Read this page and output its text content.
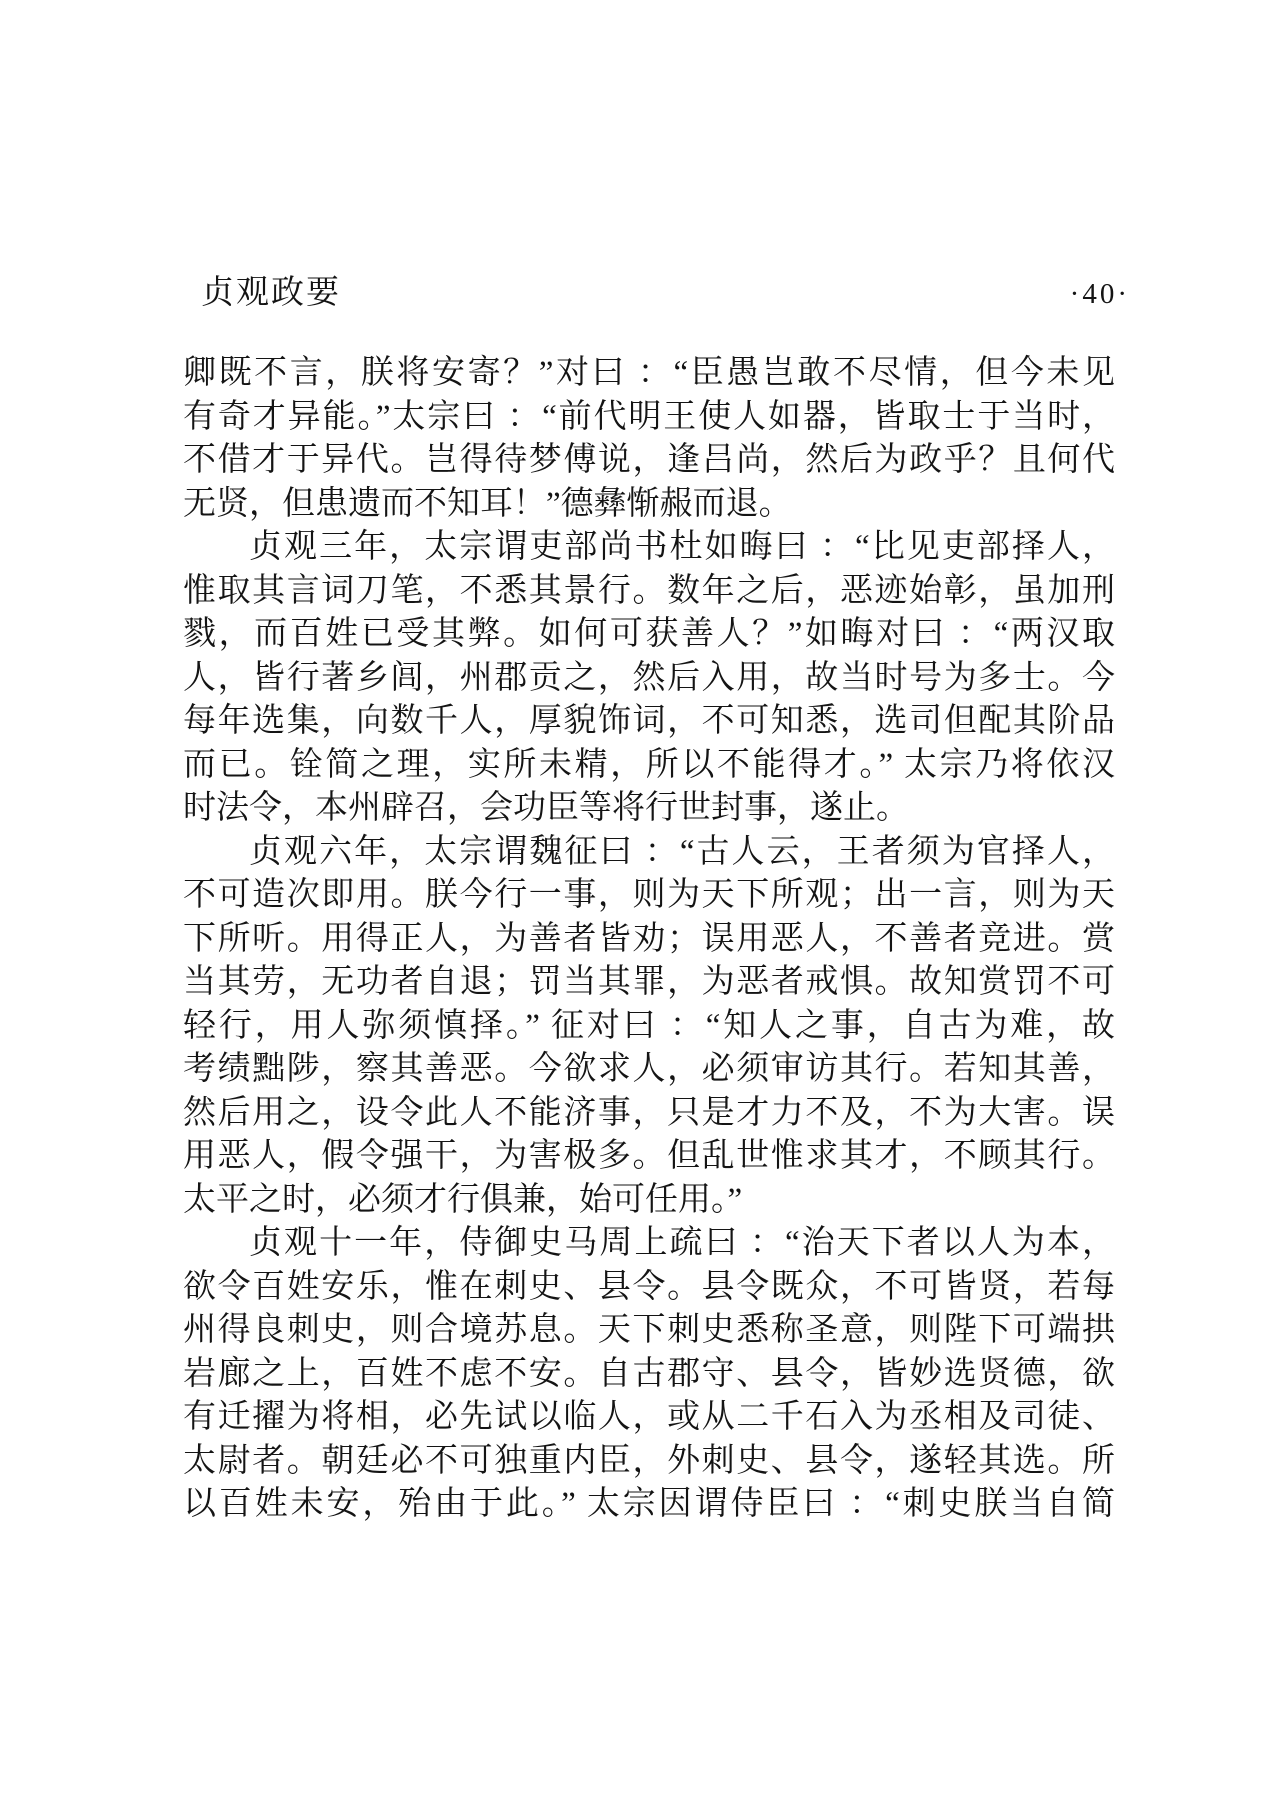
贞观政要	·40·
卿既不言，朕将安寄？”对曰 ：“臣愚岂敢不尽情，但今未见
有奇才异能。”太宗曰 ：“前代明王使人如器，皆取士于当时，
不借才于异代。岂得待梦傅说，逢吕尚，然后为政乎？且何代
无贤，但患遗而不知耳！”德彝惭赧而退。
贞观三年，太宗谓吏部尚书杜如晦曰 ：“比见吏部择人，
惟取其言词刀笔，不悉其景行。数年之后，恶迹始彰，虽加刑
戮，而百姓已受其弊。如何可获善人？”如晦对曰 ：“两汉取
人，皆行著乡闾，州郡贡之，然后入用，故当时号为多士。今
每年选集，向数千人，厚貌饰词，不可知悉，选司但配其阶品
而已。铨简之理，实所未精，所以不能得才。” 太宗乃将依汉
时法令，本州辟召，会功臣等将行世封事，遂止。
贞观六年，太宗谓魏征曰 ：“古人云，王者须为官择人，
不可造次即用。朕今行一事，则为天下所观；出一言，则为天
下所听。用得正人，为善者皆劝；误用恶人，不善者竞进。赏
当其劳，无功者自退；罚当其罪，为恶者戒惧。故知赏罚不可
轻行，用人弥须慎择。” 征对曰 ：“知人之事，自古为难，故
考绩黜陟，察其善恶。今欲求人，必须审访其行。若知其善，
然后用之，设令此人不能济事，只是才力不及，不为大害。误
用恶人，假令强干，为害极多。但乱世惟求其才，不顾其行。
太平之时，必须才行俱兼，始可任用。”
贞观十一年，侍御史马周上疏曰 ：“治天下者以人为本，
欲令百姓安乐，惟在刺史、县令。县令既众，不可皆贤，若每
州得良刺史，则合境苏息。天下刺史悉称圣意，则陛下可端拱
岩廊之上，百姓不虑不安。自古郡守、县令，皆妙选贤德，欲
有迁擢为将相，必先试以临人，或从二千石入为丞相及司徒、
太尉者。朝廷必不可独重内臣，外刺史、县令，遂轻其选。所
以百姓未安，殆由于此。” 太宗因谓侍臣曰 ：“刺史朕当自简
